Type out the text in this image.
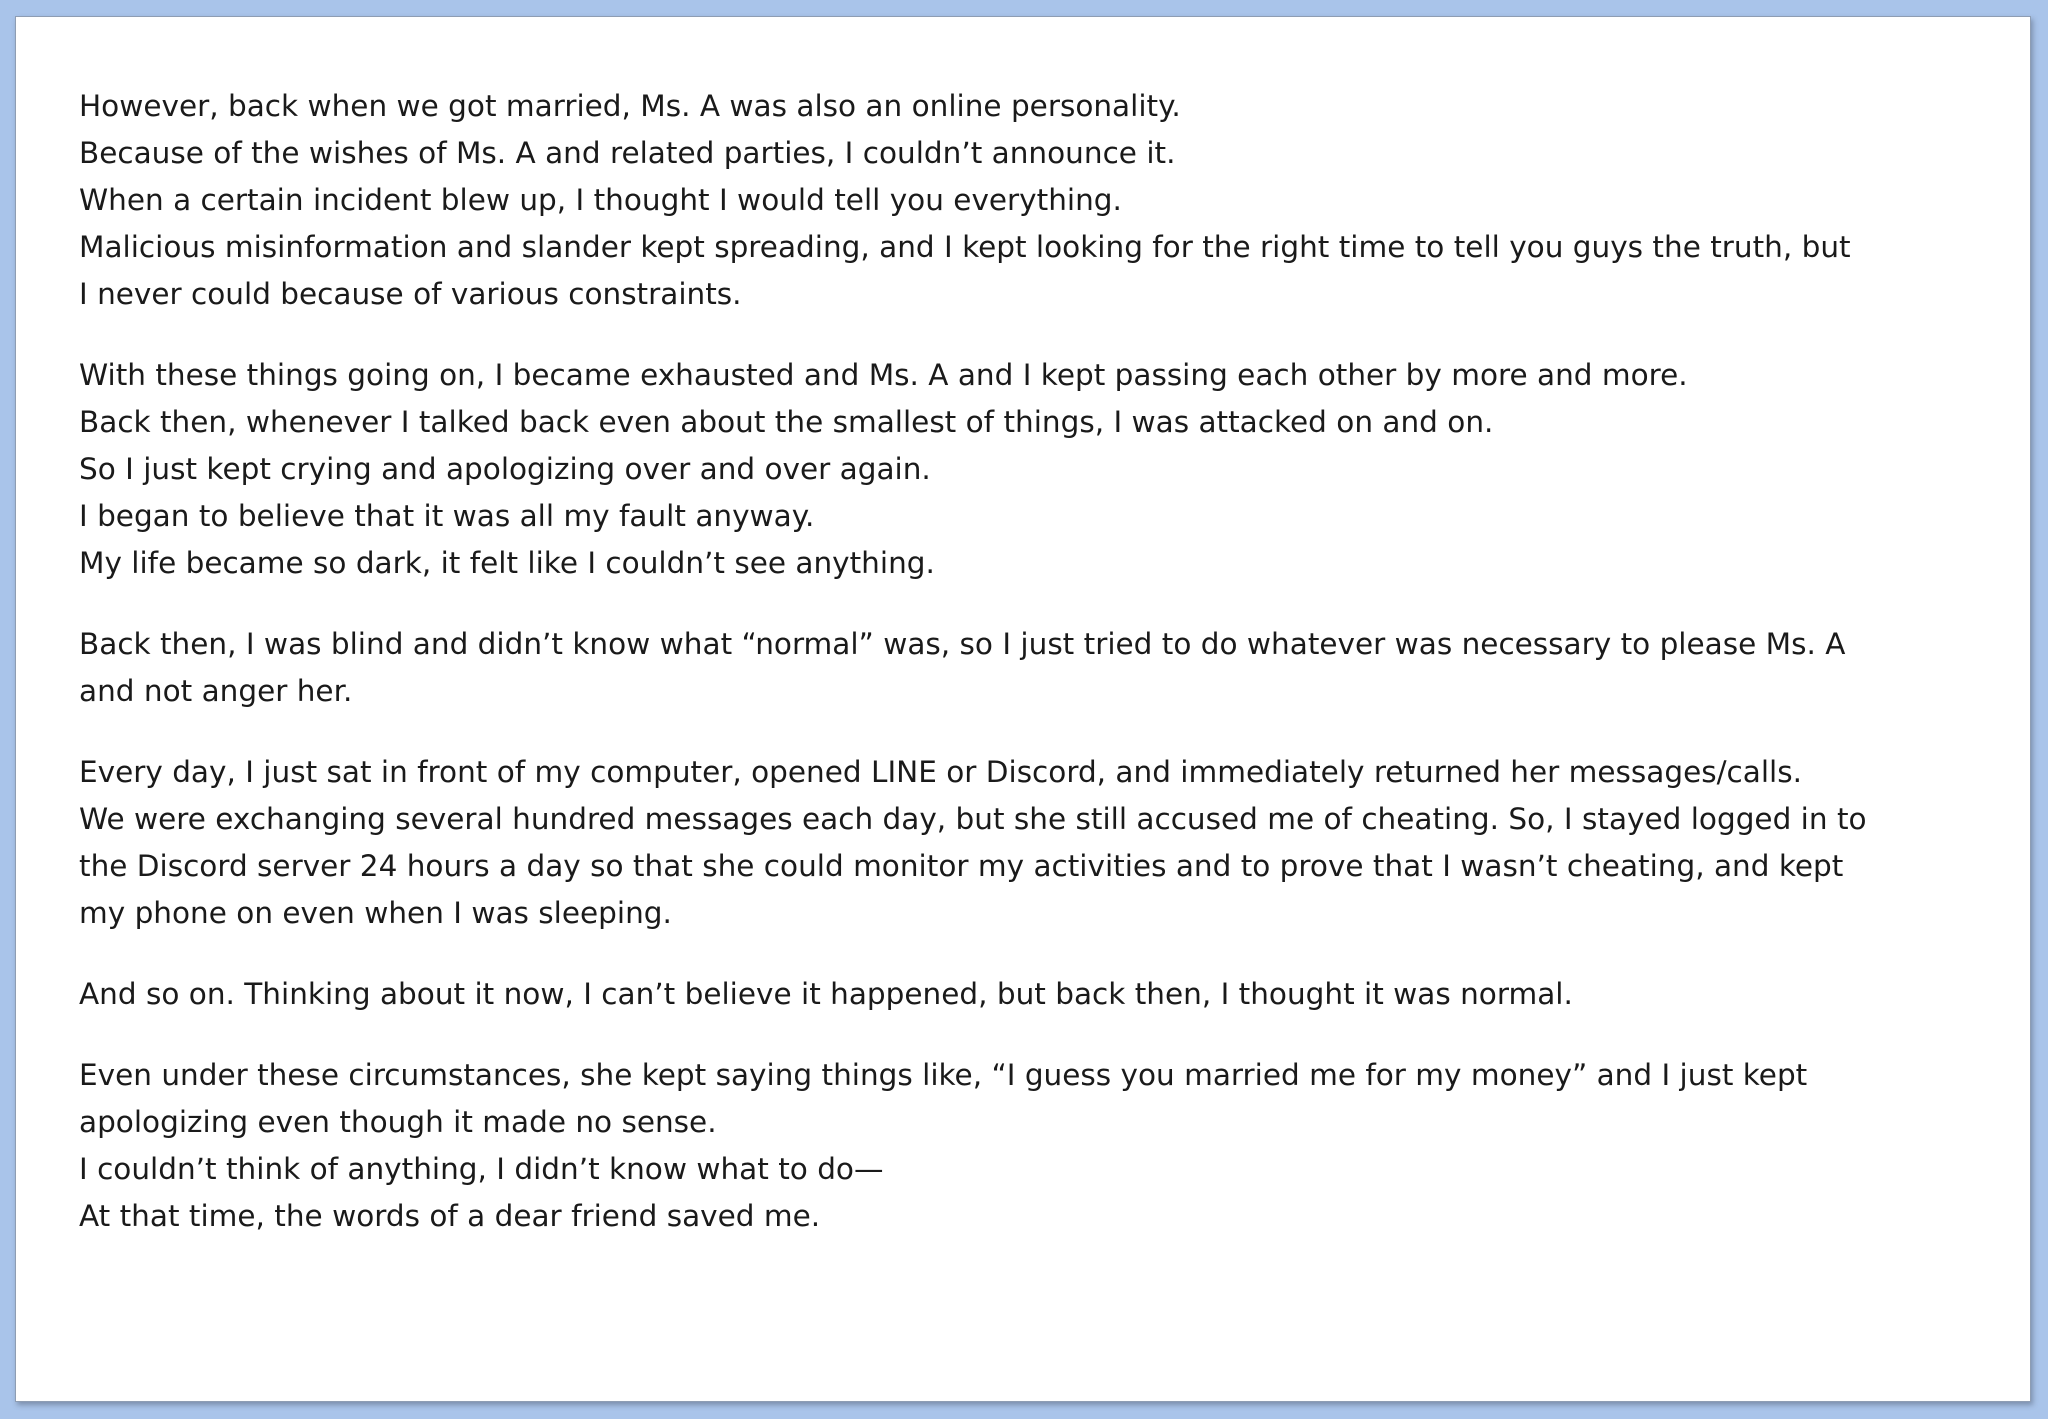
However, back when we got married, Ms. A was also an online personality.
Because of the wishes of Ms. A and related parties, I couldn’t announce it.
When a certain incident blew up, I thought I would tell you everything.
Malicious misinformation and slander kept spreading, and I kept looking for the right time to tell you guys the truth, but
I never could because of various constraints.

With these things going on, I became exhausted and Ms. A and I kept passing each other by more and more.
Back then, whenever I talked back even about the smallest of things, I was attacked on and on.
So I just kept crying and apologizing over and over again.
I began to believe that it was all my fault anyway.
My life became so dark, it felt like I couldn’t see anything.

Back then, I was blind and didn’t know what “normal” was, so I just tried to do whatever was necessary to please Ms. A
and not anger her.

Every day, I just sat in front of my computer, opened LINE or Discord, and immediately returned her messages/calls.
We were exchanging several hundred messages each day, but she still accused me of cheating. So, I stayed logged in to
the Discord server 24 hours a day so that she could monitor my activities and to prove that I wasn’t cheating, and kept
my phone on even when I was sleeping.

And so on. Thinking about it now, I can’t believe it happened, but back then, I thought it was normal.

Even under these circumstances, she kept saying things like, “I guess you married me for my money” and I just kept
apologizing even though it made no sense.
I couldn’t think of anything, I didn’t know what to do—
At that time, the words of a dear friend saved me.
